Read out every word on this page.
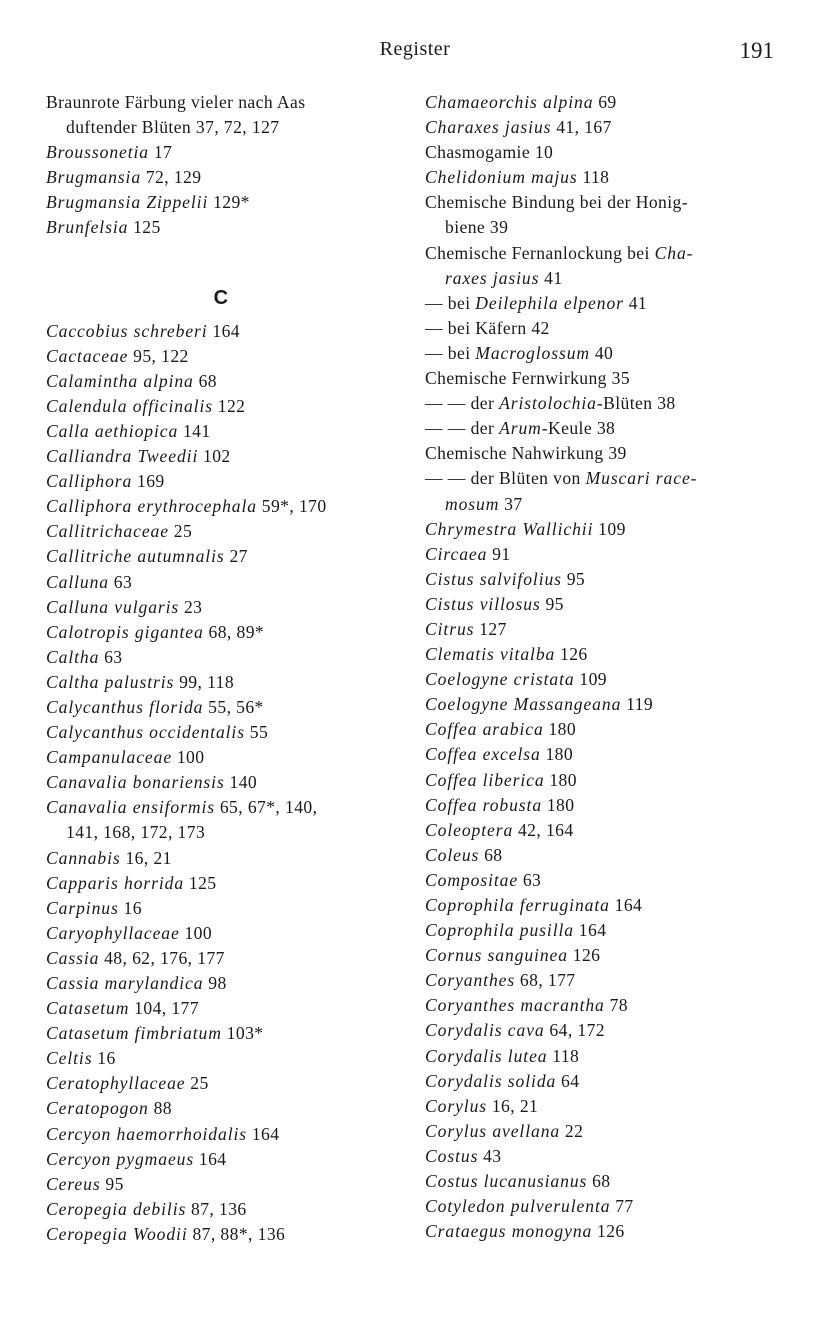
Register	191
Braunrote Färbung vieler nach Aas
duftender Blüten 37, 72, 127
Broussonetia 17
Brugmansia 72, 129
Brugmansia Zippelii 129*
Brunfelsia 125
C
Caccobius schreberi 164
Cactaceae 95, 122
Calamintha alpina 68
Calendula officinalis 122
Calla aethiopica 141
Calliandra Tweedii 102
Calliphora 169
Calliphora erythrocephala 59*, 170
Callitrichaceae 25
Callitriche autumnalis 27
Calluna 63
Calluna vulgaris 23
Calotropis gigantea 68, 89*
Caltha 63
Caltha palustris 99, 118
Calycanthus florida 55, 56*
Calycanthus occidentalis 55
Campanulaceae 100
Canavalia bonariensis 140
Canavalia ensiformis 65, 67*, 140,
141, 168, 172, 173
Cannabis 16, 21
Capparis horrida 125
Carpinus 16
Caryophyllaceae 100
Cassia 48, 62, 176, 177
Cassia marylandica 98
Catasetum 104, 177
Catasetum fimbriatum 103*
Celtis 16
Ceratophyllaceae 25
Ceratopogon 88
Cercyon haemorrhoidalis 164
Cercyon pygmaeus 164
Cereus 95
Ceropegia debilis 87, 136
Ceropegia Woodii 87, 88*, 136
Chamaeorchis alpina 69
Charaxes jasius 41, 167
Chasmogamie 10
Chelidonium majus 118
Chemische Bindung bei der Honig-
biene 39
Chemische Fernanlockung bei Cha-
raxes jasius 41
— bei Deilephila elpenor 41
— bei Käfern 42
— bei Macroglossum 40
Chemische Fernwirkung 35
— — der Aristolochia-Blüten 38
— — der Arum-Keule 38
Chemische Nahwirkung 39
— — der Blüten von Muscari race-
mosum 37
Chrymestra Wallichii 109
Circaea 91
Cistus salvifolius 95
Cistus villosus 95
Citrus 127
Clematis vitalba 126
Coelogyne cristata 109
Coelogyne Massangeana 119
Coffea arabica 180
Coffea excelsa 180
Coffea liberica 180
Coffea robusta 180
Coleoptera 42, 164
Coleus 68
Compositae 63
Coprophila ferruginata 164
Coprophila pusilla 164
Cornus sanguinea 126
Coryanthes 68, 177
Coryanthes macrantha 78
Corydalis cava 64, 172
Corydalis lutea 118
Corydalis solida 64
Corylus 16, 21
Corylus avellana 22
Costus 43
Costus lucanusianus 68
Cotyledon pulverulenta 77
Crataegus monogyna 126
